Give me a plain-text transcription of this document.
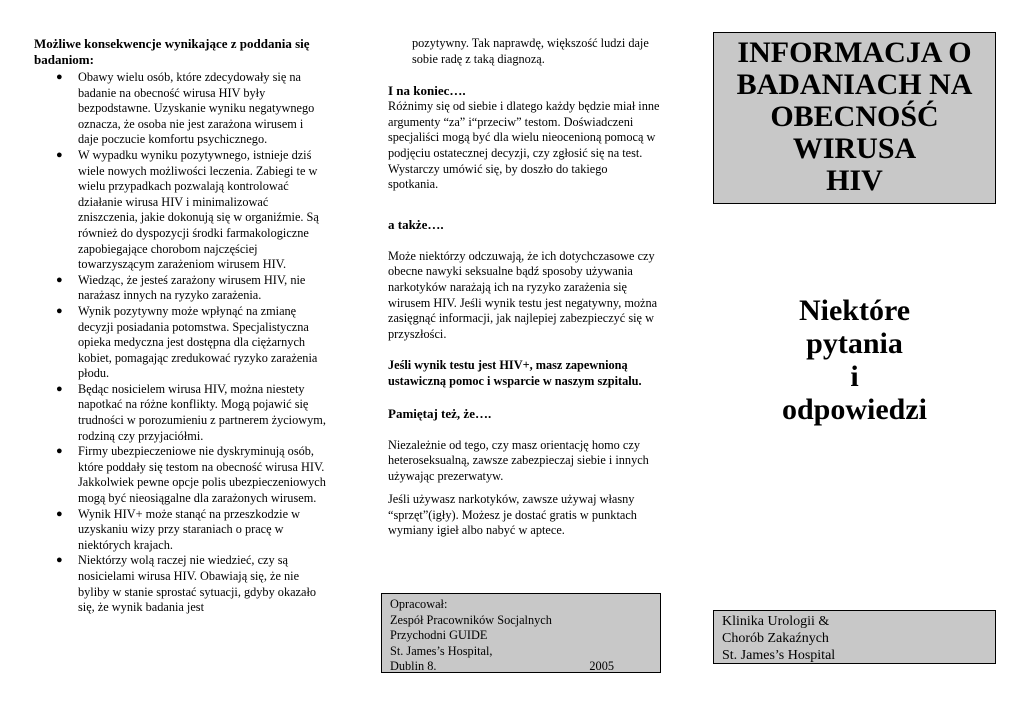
Możliwe konsekwencje wynikające z poddania się badaniom:
● Obawy wielu osób, które zdecydowały się na badanie na obecność wirusa HIV były bezpodstawne. Uzyskanie wyniku negatywnego oznacza, że osoba nie jest zarażona wirusem i daje poczucie komfortu psychicznego.
● W wypadku wyniku pozytywnego, istnieje dziś wiele nowych możliwości leczenia. Zabiegi te w wielu przypadkach pozwalają kontrolować działanie wirusa HIV i minimalizować zniszczenia, jakie dokonują się w organiźmie. Są również do dyspozycji środki farmakologiczne zapobiegające chorobom najczęściej towarzyszącym zarażeniom wirusem HIV.
● Wiedząc, że jesteś zarażony wirusem HIV, nie narażasz innych na ryzyko zarażenia.
● Wynik pozytywny może wpłynąć na zmianę decyzji posiadania potomstwa. Specjalistyczna opieka medyczna jest dostępna dla ciężarnych kobiet, pomagając zredukować ryzyko zarażenia płodu.
● Będąc nosicielem wirusa HIV, można niestety napotkać na różne konflikty. Mogą pojawić się trudności w porozumieniu z partnerem życiowym, rodziną czy przyjaciółmi.
● Firmy ubezpieczeniowe nie dyskryminują osób, które poddały się testom na obecność wirusa HIV. Jakkolwiek pewne opcje polis ubezpieczeniowych mogą być nieosiągalne dla zarażonych wirusem.
● Wynik HIV+ może stanąć na przeszkodzie w uzyskaniu wizy przy staraniach o pracę w niektórych krajach.
● Niektórzy wolą raczej nie wiedzieć, czy są nosicielami wirusa HIV. Obawiają się, że nie byliby w stanie sprostać sytuacji, gdyby okazało się, że wynik badania jest

pozytywny. Tak naprawdę, większość ludzi daje sobie radę z taką diagnozą.

I na koniec….

Różnimy się od siebie i dlatego każdy będzie miał inne argumenty “za” i“przeciw” testom. Doświadczeni specjaliści mogą być dla wielu nieocenioną pomocą w podjęciu ostatecznej decyzji, czy zgłosić się na test. Wystarczy umówić się, by doszło do takiego spotkania.

a także….

Może niektórzy odczuwają, że ich dotychczasowe czy obecne nawyki seksualne bądź sposoby używania narkotyków narażają ich na ryzyko zarażenia się wirusem HIV. Jeśli wynik testu jest negatywny, można zasięgnąć informacji, jak najlepiej zabezpieczyć się w przyszłości.

Jeśli wynik testu jest HIV+, masz zapewnioną ustawiczną pomoc i wsparcie w naszym szpitalu.

Pamiętaj też, że….

Niezależnie od tego, czy masz orientację homo czy heteroseksualną, zawsze zabezpieczaj siebie i innych używając prezerwatyw.

Jeśli używasz narkotyków, zawsze używaj własny “sprzęt”(igły). Możesz je dostać gratis w punktach wymiany igieł albo nabyć w aptece.

Opracował:
Zespół Pracowników Socjalnych
Przychodni GUIDE
St. James’s Hospital,
Dublin 8.	2005
INFORMACJA O
BADANIACH NA
OBECNOŚĆ
WIRUSA
HIV
Niektóre
pytania
i
odpowiedzi
Klinika Urologii &
Chorób Zakaźnych
St. James’s Hospital
